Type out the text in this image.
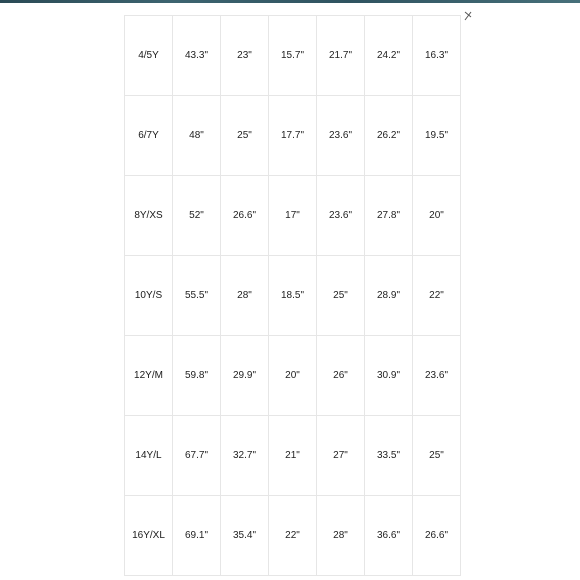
4/5Y	43.3"	23"	15.7"	21.7"	24.2"	16.3"
6/7Y	48"	25"	17.7"	23.6"	26.2"	19.5"
8Y/XS	52"	26.6"	17"	23.6"	27.8"	20"
10Y/S	55.5"	28"	18.5"	25"	28.9"	22"
12Y/M	59.8"	29.9"	20"	26"	30.9"	23.6"
14Y/L	67.7"	32.7"	21"	27"	33.5"	25"
16Y/XL	69.1"	35.4"	22"	28"	36.6"	26.6"
